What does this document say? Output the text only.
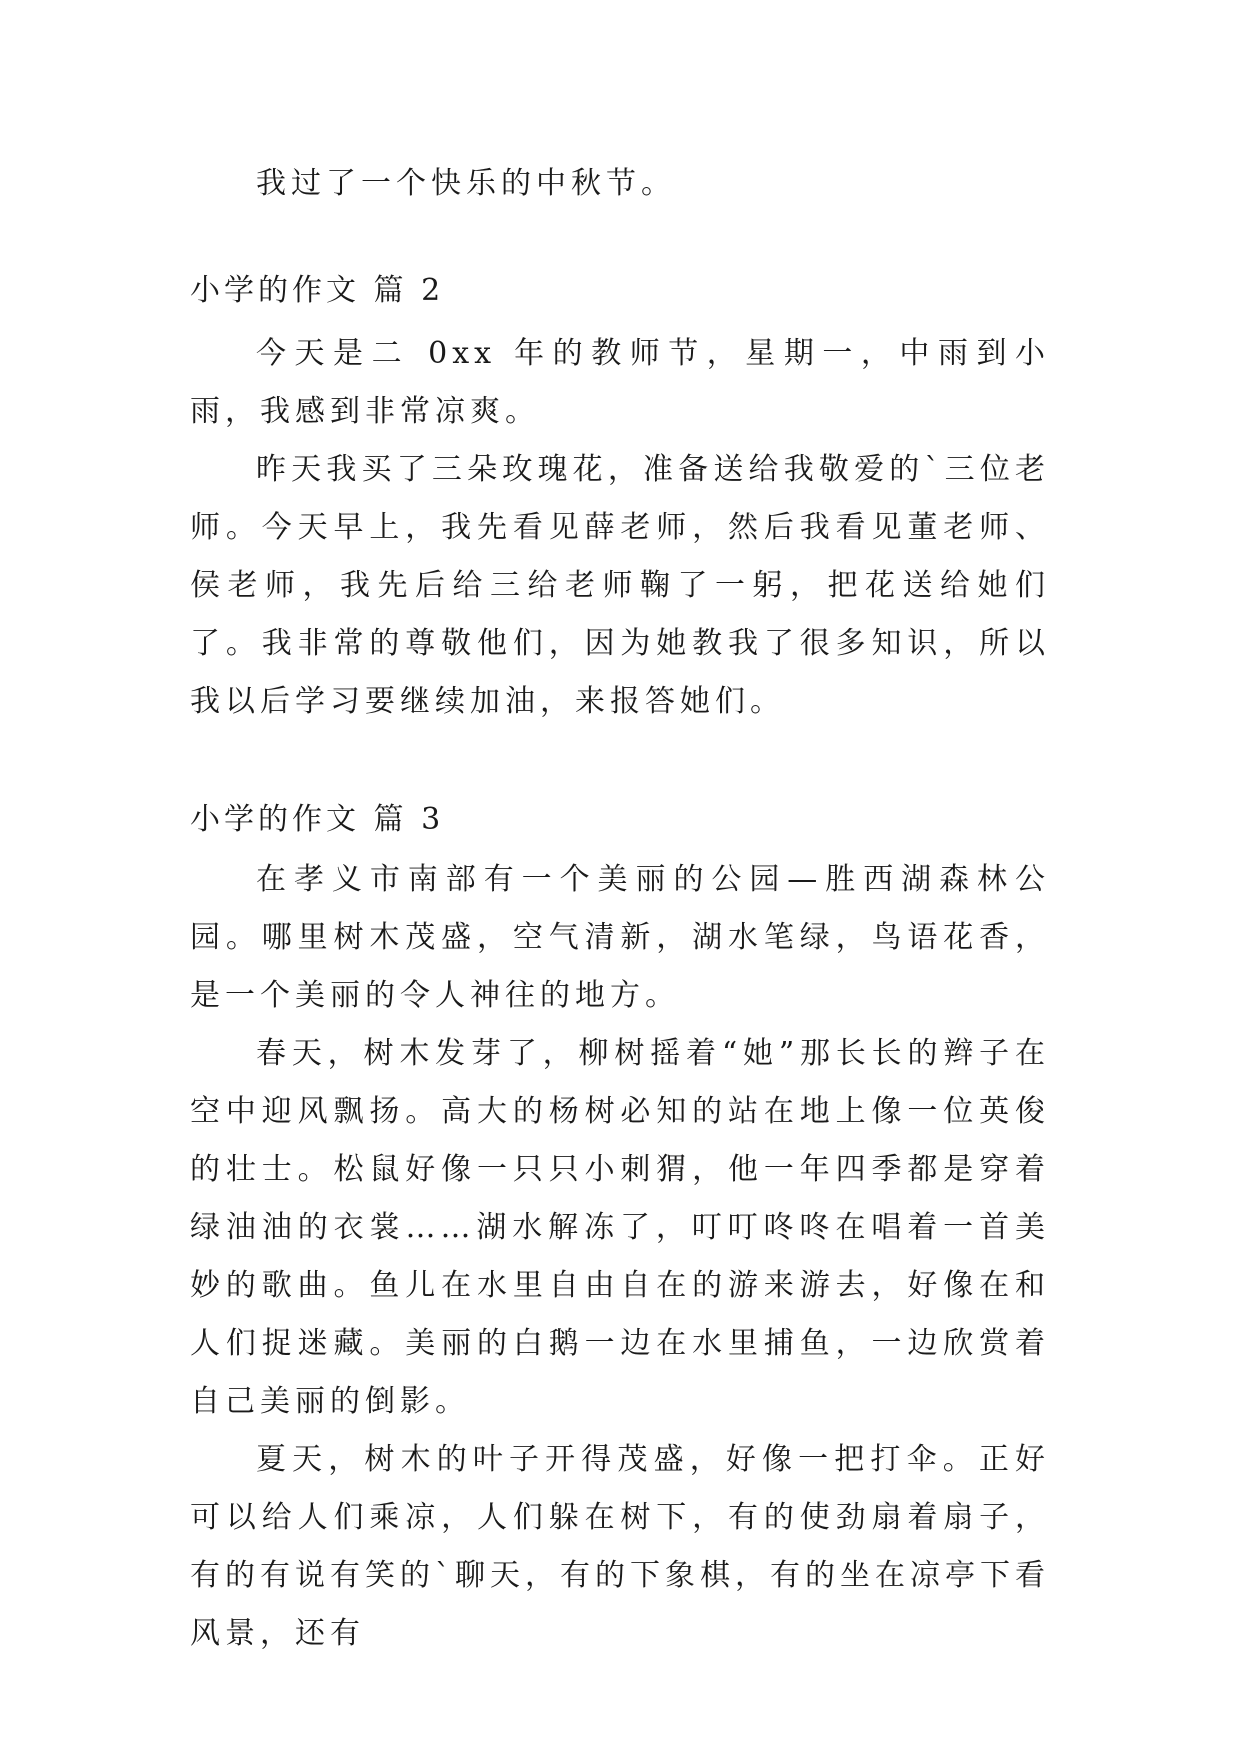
我过了一个快乐的中秋节。

小学的作文 篇 2

今天是二 0xx 年的教师节，星期一，中雨到小雨，我感到非常凉爽。

昨天我买了三朵玫瑰花，准备送给我敬爱的`三位老师。今天早上，我先看见薛老师，然后我看见董老师、侯老师，我先后给三给老师鞠了一躬，把花送给她们了。我非常的尊敬他们，因为她教我了很多知识，所以我以后学习要继续加油，来报答她们。

小学的作文 篇 3

在孝义市南部有一个美丽的公园—胜西湖森林公园。哪里树木茂盛，空气清新，湖水笔绿，鸟语花香，是一个美丽的令人神往的地方。

春天，树木发芽了，柳树摇着“她”那长长的辫子在空中迎风飘扬。高大的杨树必知的站在地上像一位英俊的壮士。松鼠好像一只只小刺猬，他一年四季都是穿着绿油油的衣裳……湖水解冻了，叮叮咚咚在唱着一首美妙的歌曲。鱼儿在水里自由自在的游来游去，好像在和人们捉迷藏。美丽的白鹅一边在水里捕鱼，一边欣赏着自己美丽的倒影。

夏天，树木的叶子开得茂盛，好像一把打伞。正好可以给人们乘凉，人们躲在树下，有的使劲扇着扇子，有的有说有笑的`聊天，有的下象棋，有的坐在凉亭下看风景，还有
